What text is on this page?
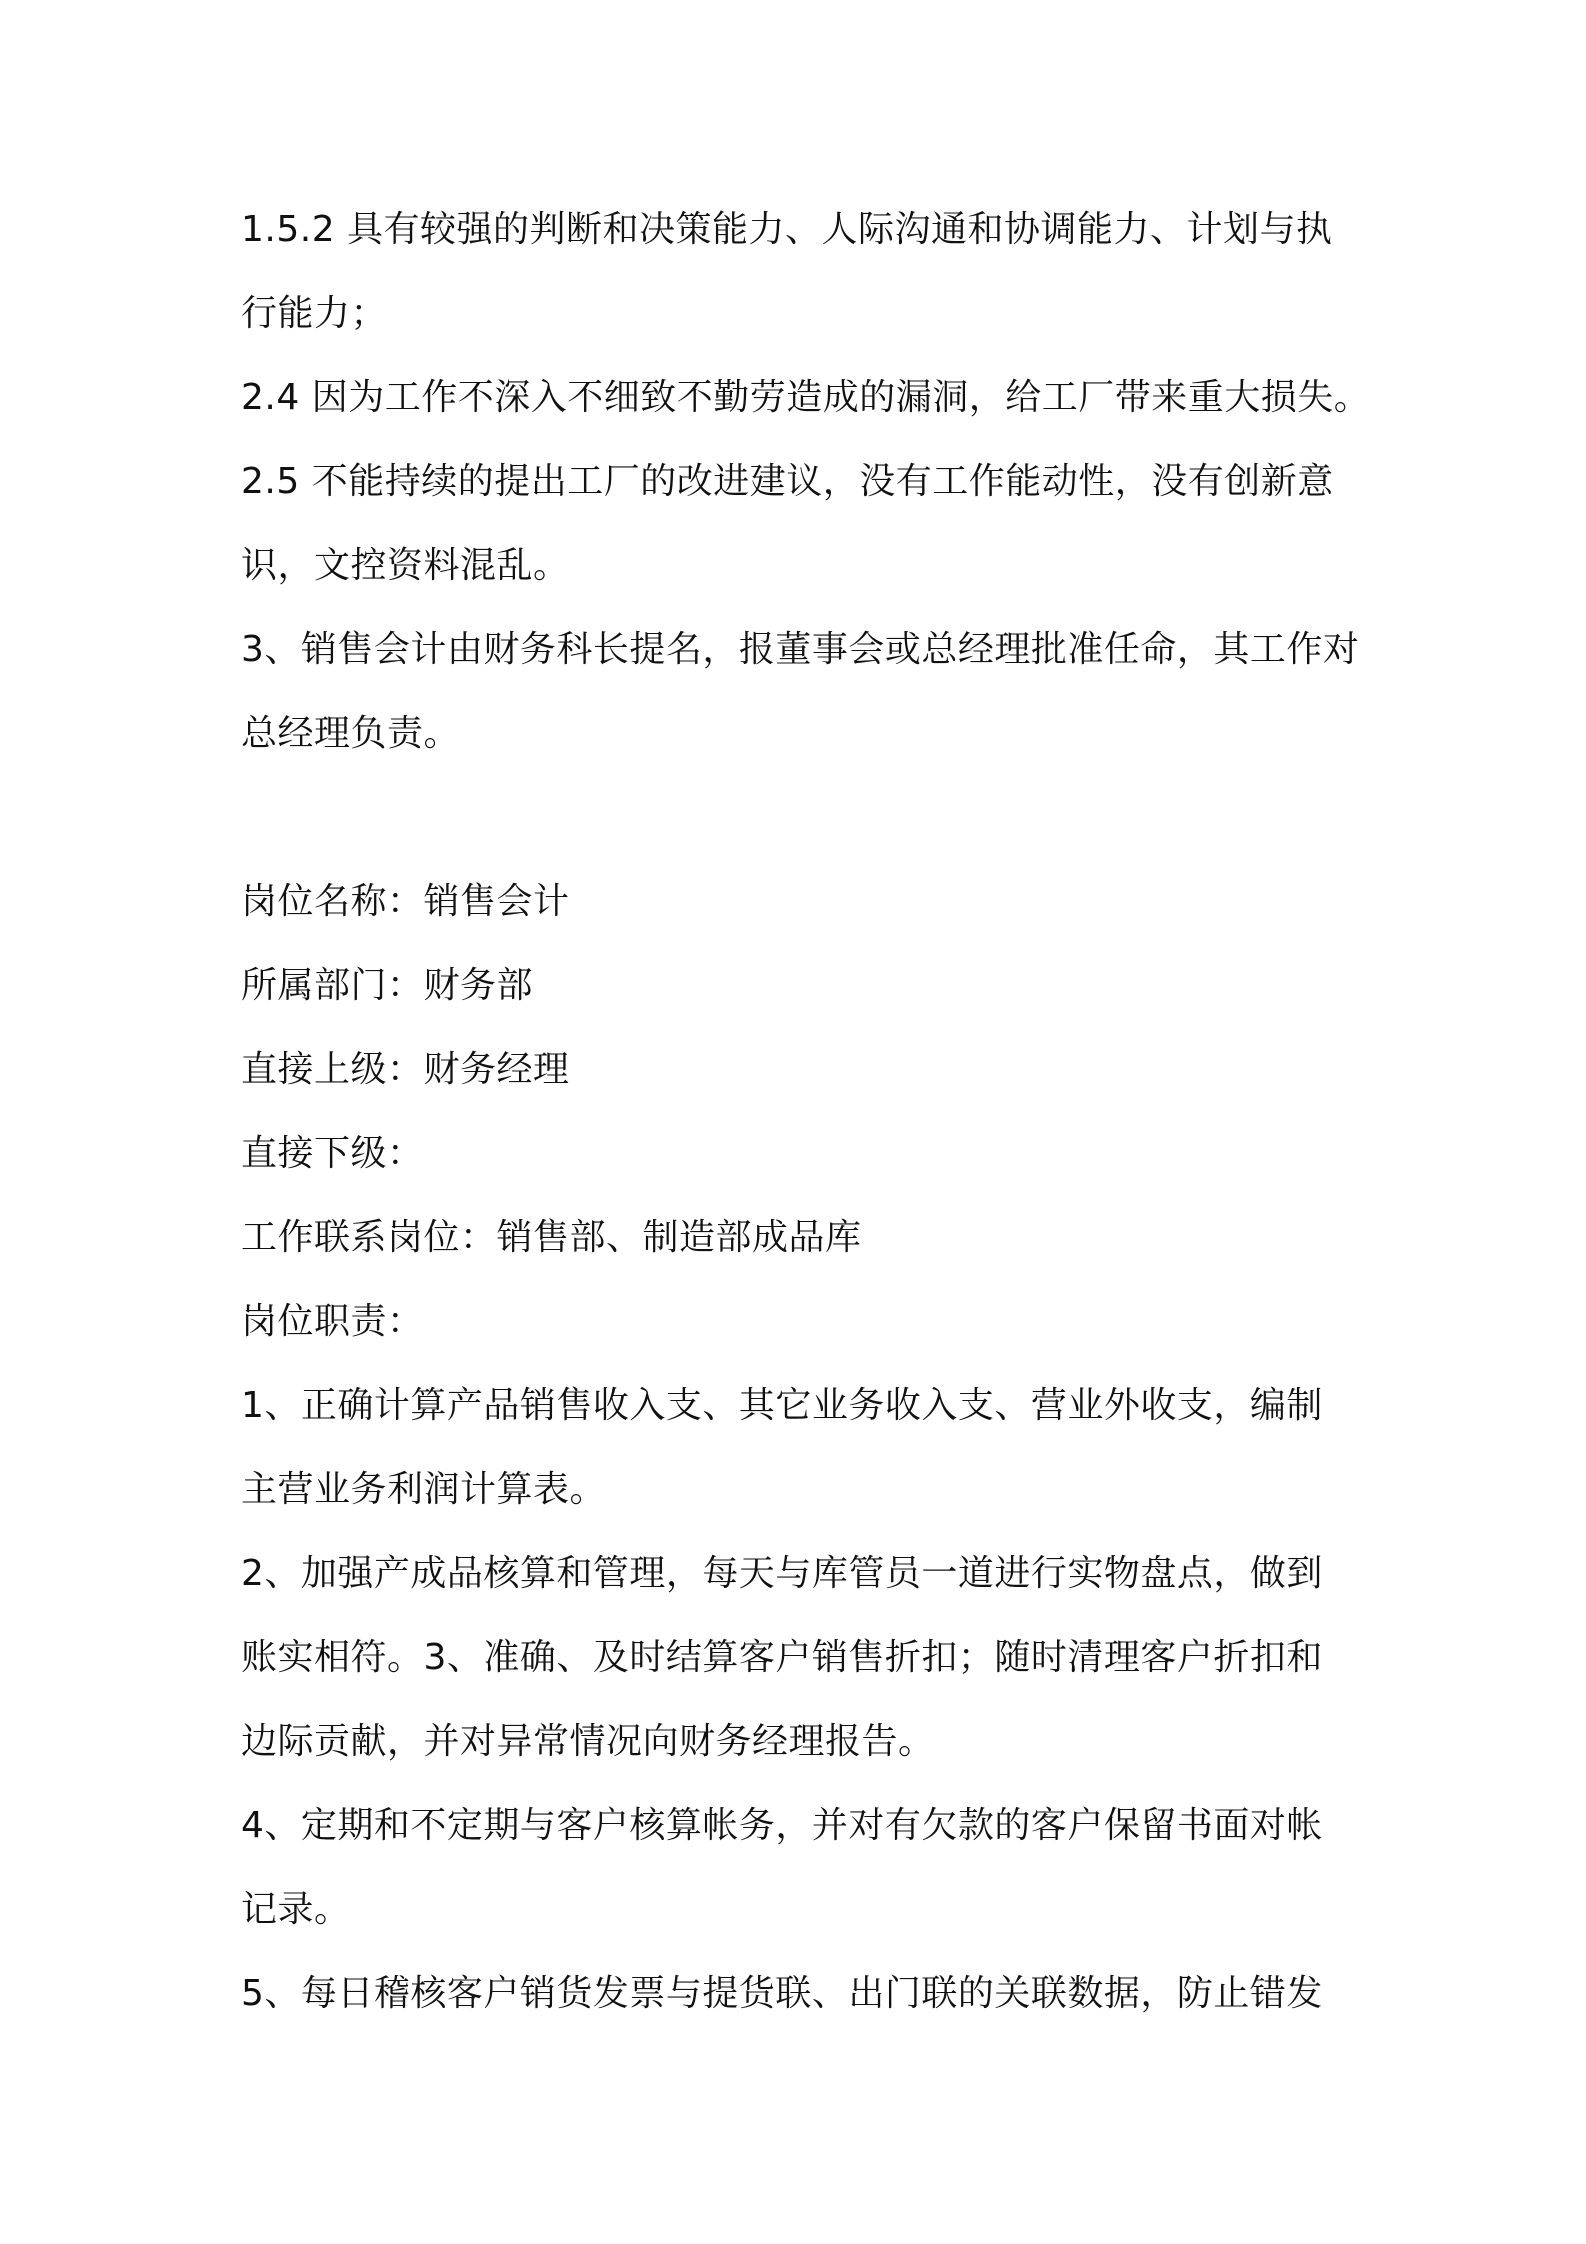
1.5.2 具有较强的判断和决策能力、人际沟通和协调能力、计划与执
行能力；
2.4 因为工作不深入不细致不勤劳造成的漏洞，给工厂带来重大损失。
2.5 不能持续的提出工厂的改进建议，没有工作能动性，没有创新意
识，文控资料混乱。
3、销售会计由财务科长提名，报董事会或总经理批准任命，其工作对
总经理负责。
岗位名称：销售会计
所属部门：财务部
直接上级：财务经理
直接下级：
工作联系岗位：销售部、制造部成品库
岗位职责：
1、正确计算产品销售收入支、其它业务收入支、营业外收支，编制
主营业务利润计算表。
2、加强产成品核算和管理，每天与库管员一道进行实物盘点，做到
账实相符。3、准确、及时结算客户销售折扣；随时清理客户折扣和
边际贡献，并对异常情况向财务经理报告。
4、定期和不定期与客户核算帐务，并对有欠款的客户保留书面对帐
记录。
5、每日稽核客户销货发票与提货联、出门联的关联数据，防止错发
